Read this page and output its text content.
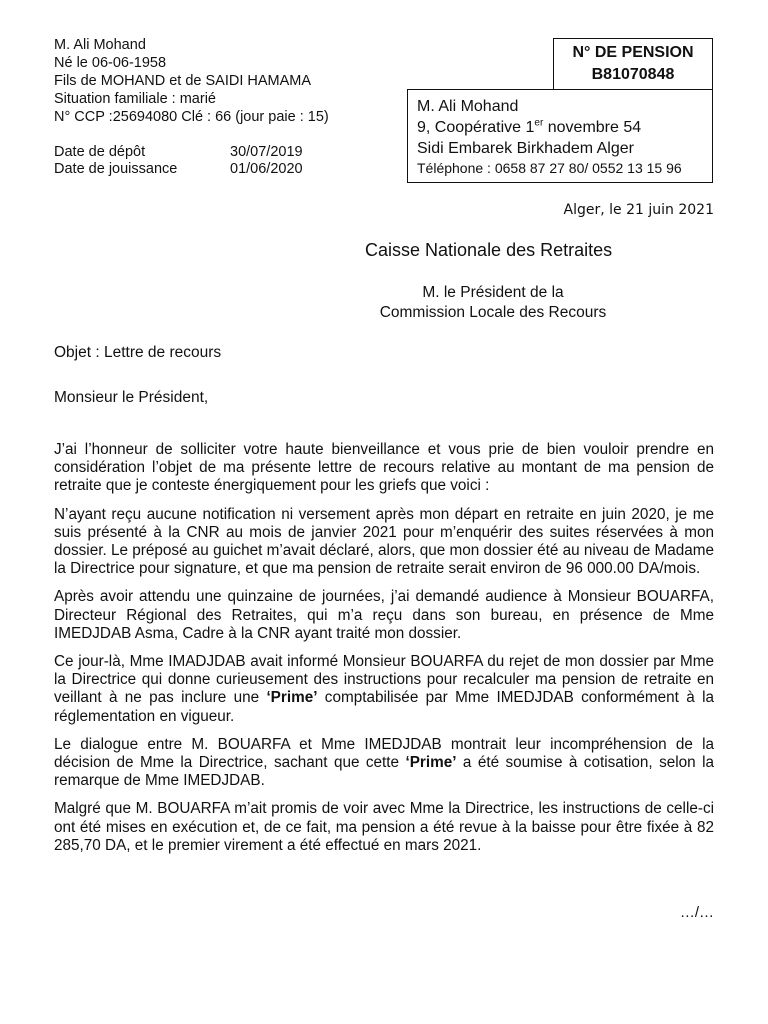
M. Ali Mohand
Né le 06-06-1958
Fils de MOHAND et de SAIDI HAMAMA
Situation familiale : marié
N° CCP :25694080 Clé : 66 (jour paie : 15)
Date de dépôt	30/07/2019
Date de jouissance	01/06/2020
N° DE PENSION
B81070848
M. Ali Mohand
9, Coopérative 1er novembre 54
Sidi Embarek Birkhadem Alger
Téléphone : 0658 87 27 80/ 0552 13 15 96
Alger, le 21 juin 2021
Caisse Nationale des Retraites
M. le Président de la
Commission Locale des Recours
Objet : Lettre de recours
Monsieur le Président,

J’ai l’honneur de solliciter votre haute bienveillance et vous prie de bien vouloir prendre en considération l’objet de ma présente lettre de recours relative au montant de ma pension de retraite que je conteste énergiquement pour les griefs que voici :

N’ayant reçu aucune notification ni versement après mon départ en retraite en juin 2020, je me suis présenté à la CNR au mois de janvier 2021 pour m’enquérir des suites réservées à mon dossier. Le préposé au guichet m’avait déclaré, alors, que mon dossier été au niveau de Madame la Directrice pour signature, et que ma pension de retraite serait environ de 96 000.00 DA/mois.

Après avoir attendu une quinzaine de journées, j’ai demandé audience à Monsieur BOUARFA, Directeur Régional des Retraites, qui m’a reçu dans son bureau, en présence de Mme IMEDJDAB Asma, Cadre à la CNR ayant traité mon dossier.

Ce jour-là, Mme IMADJDAB avait informé Monsieur BOUARFA du rejet de mon dossier par Mme la Directrice qui donne curieusement des instructions pour recalculer ma pension de retraite en veillant à ne pas inclure une ‘Prime’ comptabilisée par Mme IMEDJDAB conformément à la réglementation en vigueur.

Le dialogue entre M. BOUARFA et Mme IMEDJDAB montrait leur incompréhension de la décision de Mme la Directrice, sachant que cette ‘Prime’ a été soumise à cotisation, selon la remarque de Mme IMEDJDAB.

Malgré que M. BOUARFA m’ait promis de voir avec Mme la Directrice, les instructions de celle-ci ont été mises en exécution et, de ce fait, ma pension a été revue à la baisse pour être fixée à 82 285,70 DA, et le premier virement a été effectué en mars 2021.

…/…
